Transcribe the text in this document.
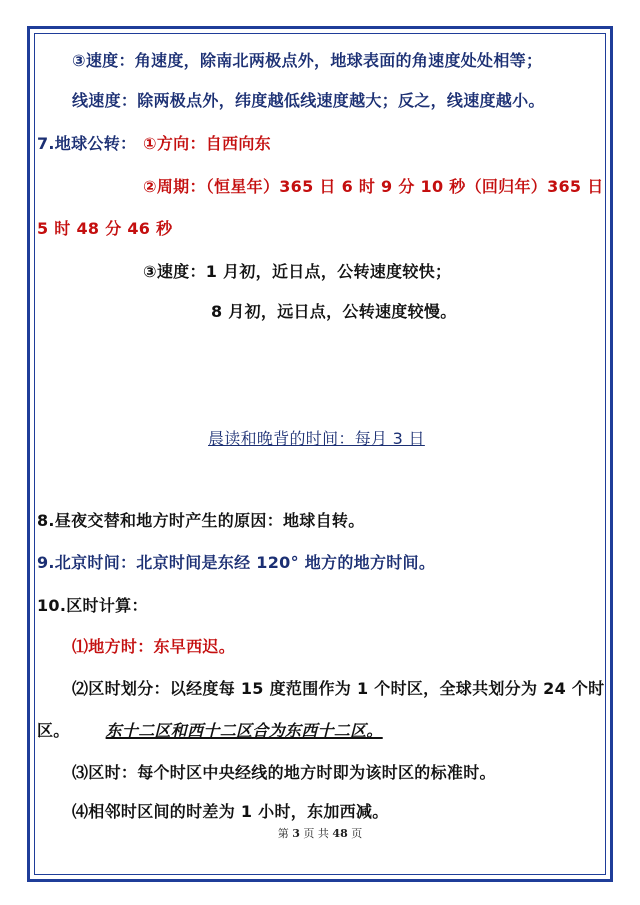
③速度：角速度，除南北两极点外，地球表面的角速度处处相等；
线速度：除两极点外，纬度越低线速度越大；反之，线速度越小。
7.地球公转： ①方向：自西向东
②周期：（恒星年）365 日 6 时 9 分 10 秒（回归年）365 日
5 时 48 分 46 秒
③速度：1 月初，近日点，公转速度较快；
8 月初，远日点，公转速度较慢。
晨读和晚背的时间：每月 3 日
8.昼夜交替和地方时产生的原因：地球自转。
9.北京时间：北京时间是东经 120° 地方的地方时间。
10.区时计算：
⑴地方时：东早西迟。
⑵区时划分：以经度每 15 度范围作为 1 个时区，全球共划分为 24 个时
区。 东十二区和西十二区合为东西十二区。
⑶区时：每个时区中央经线的地方时即为该时区的标准时。
⑷相邻时区间的时差为 1 小时，东加西减。
第 3 页 共 48 页
